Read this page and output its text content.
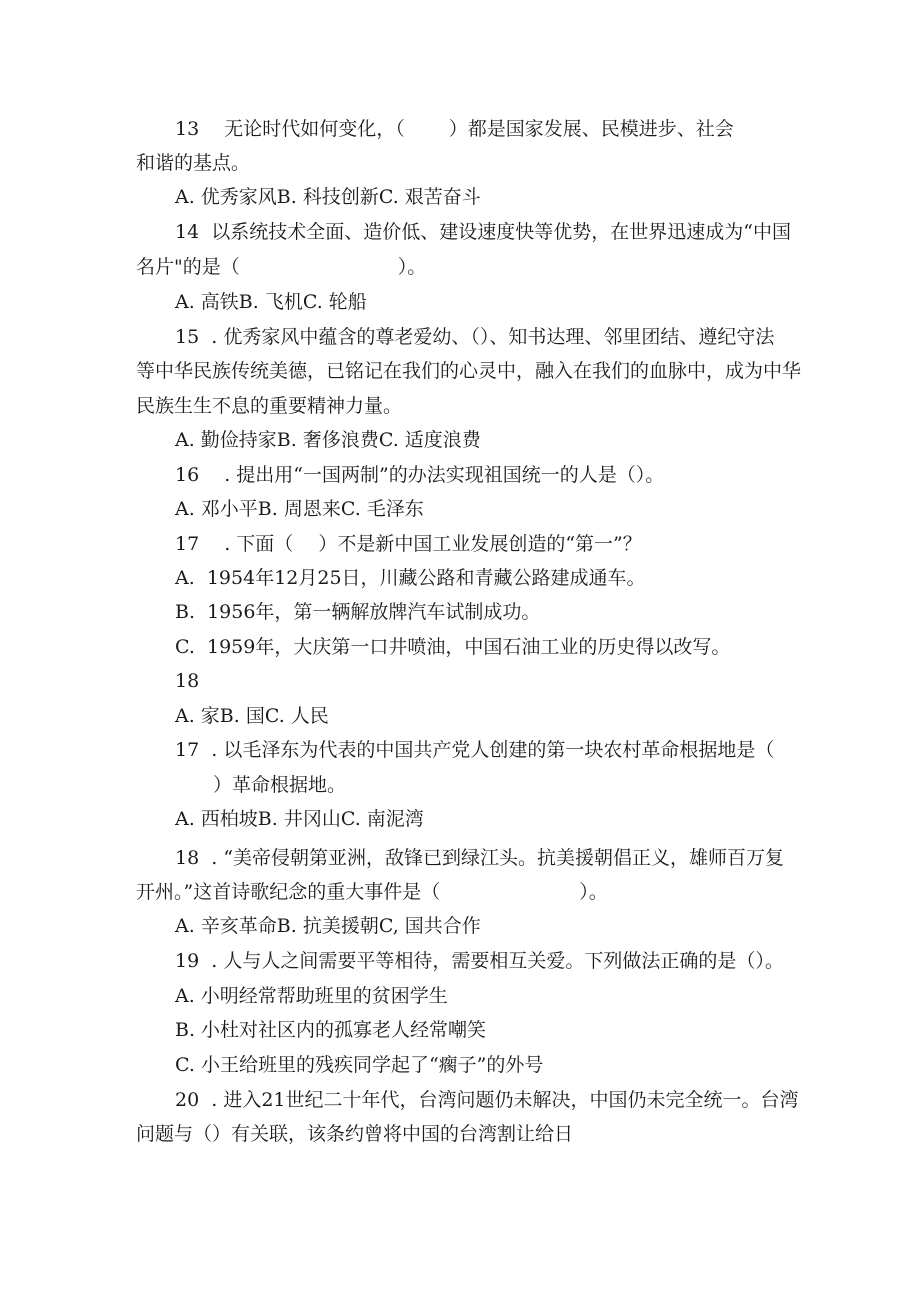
13　 无论时代如何变化，（　　 ）都是国家发展、民模进步、社会
和谐的基点。
A. 优秀家风B. 科技创新C. 艰苦奋斗
14  以系统技术全面、造价低、建设速度快等优势，在世界迅速成为“中国
名片"的是（　　　　　　　　 ）。
A. 高铁B. 飞机C. 轮船
15  . 优秀家风中蕴含的尊老爱幼、（）、知书达理、邻里团结、遵纪守法
等中华民族传统美德，已铭记在我们的心灵中，融入在我们的血脉中，成为中华
民族生生不息的重要精神力量。
A. 勤俭持家B. 奢侈浪费C. 适度浪费
16　 . 提出用“一国两制”的办法实现祖国统一的人是（）。
A. 邓小平B. 周恩来C. 毛泽东
17　 . 下面（　 ）不是新中国工业发展创造的“第一”？
A.  1954年12月25日，川藏公路和青藏公路建成通车。
B.  1956年，第一辆解放牌汽车试制成功。
C.  1959年，大庆第一口井喷油，中国石油工业的历史得以改写。
18
A. 家B. 国C. 人民
17  . 以毛泽东为代表的中国共产党人创建的第一块农村革命根据地是（
）革命根据地。
A. 西柏坡B. 井冈山C. 南泥湾
18  . “美帝侵朝第亚洲，敌锋已到绿江头。抗美援朝倡正义，雄师百万复
开州。”这首诗歌纪念的重大事件是（　　　　　　　 ）。
A. 辛亥革命B. 抗美援朝C, 国共合作
19  . 人与人之间需要平等相待，需要相互关爱。下列做法正确的是（）。
A. 小明经常帮助班里的贫困学生
B. 小杜对社区内的孤寡老人经常嘲笑
C. 小王给班里的残疾同学起了“瘸子”的外号
20  . 进入21世纪二十年代，台湾问题仍未解决，中国仍未完全统一。台湾
问题与（）有关联，该条约曾将中国的台湾割让给日
